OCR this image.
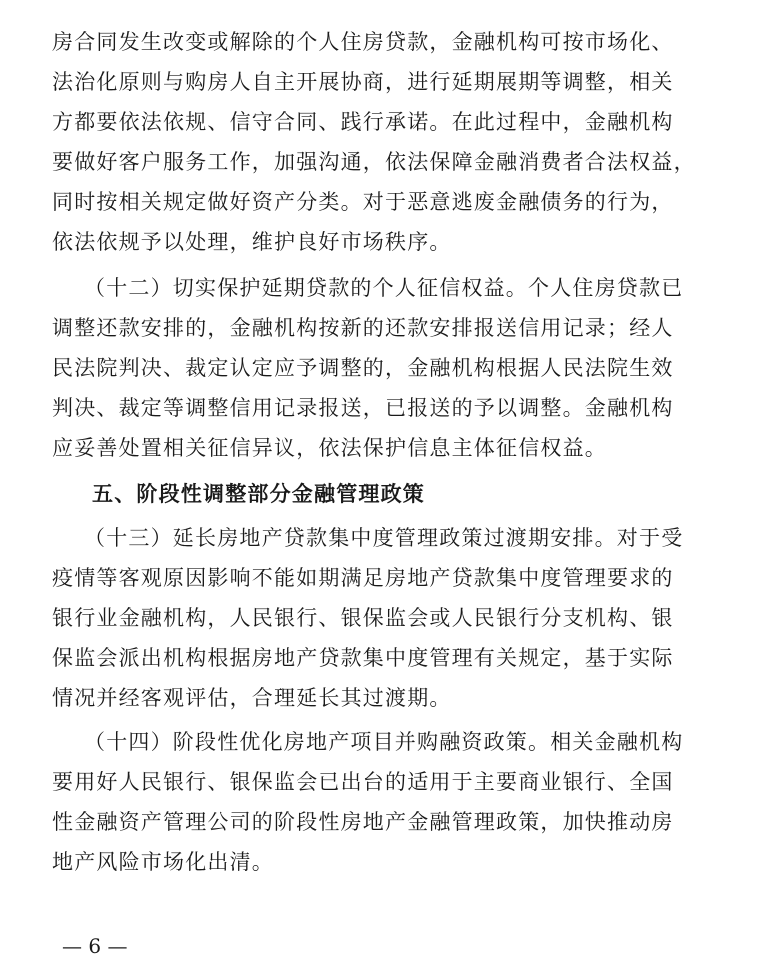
房合同发生改变或解除的个人住房贷款，金融机构可按市场化、
法治化原则与购房人自主开展协商，进行延期展期等调整，相关
方都要依法依规、信守合同、践行承诺。在此过程中，金融机构
要做好客户服务工作，加强沟通，依法保障金融消费者合法权益，
同时按相关规定做好资产分类。对于恶意逃废金融债务的行为，
依法依规予以处理，维护良好市场秩序。
（十二）切实保护延期贷款的个人征信权益。个人住房贷款已
调整还款安排的，金融机构按新的还款安排报送信用记录；经人
民法院判决、裁定认定应予调整的，金融机构根据人民法院生效
判决、裁定等调整信用记录报送，已报送的予以调整。金融机构
应妥善处置相关征信异议，依法保护信息主体征信权益。
五、阶段性调整部分金融管理政策
（十三）延长房地产贷款集中度管理政策过渡期安排。对于受
疫情等客观原因影响不能如期满足房地产贷款集中度管理要求的
银行业金融机构，人民银行、银保监会或人民银行分支机构、银
保监会派出机构根据房地产贷款集中度管理有关规定，基于实际
情况并经客观评估，合理延长其过渡期。
（十四）阶段性优化房地产项目并购融资政策。相关金融机构
要用好人民银行、银保监会已出台的适用于主要商业银行、全国
性金融资产管理公司的阶段性房地产金融管理政策，加快推动房
地产风险市场化出清。
— 6 —
